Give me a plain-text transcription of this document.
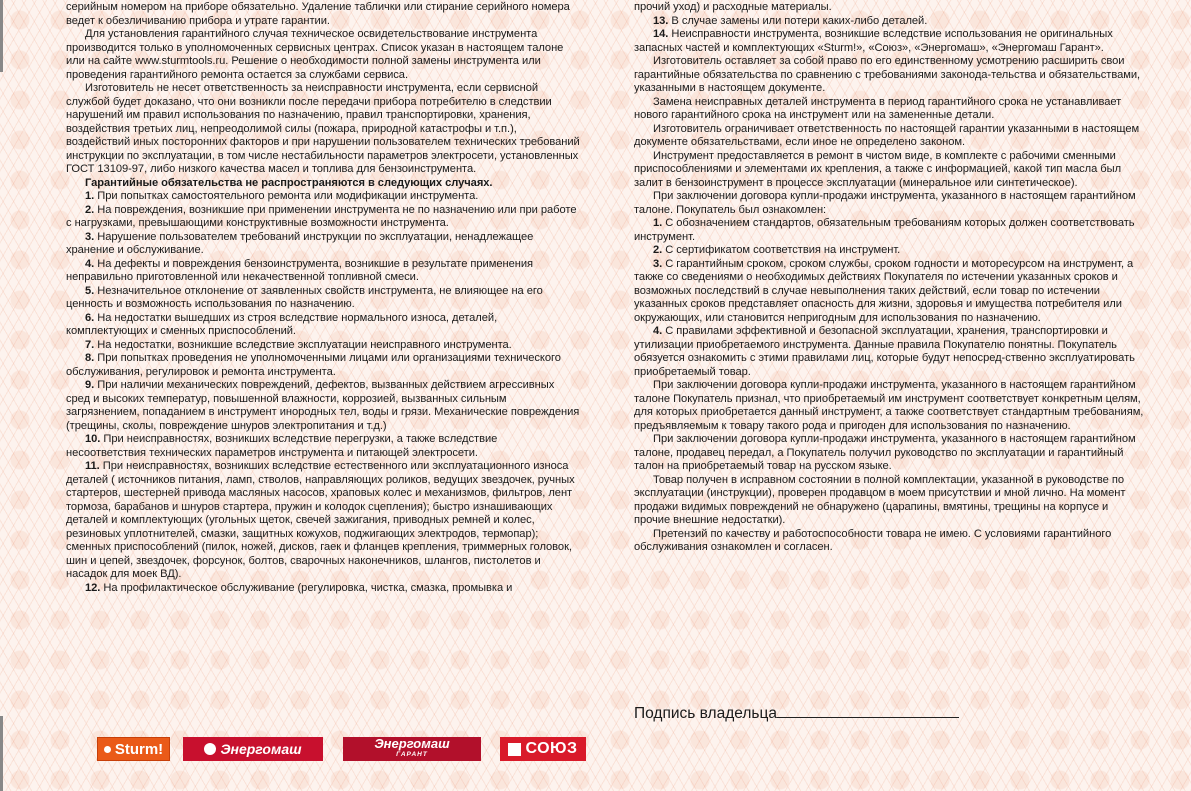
серийным номером на приборе обязательно. Удаление таблички или стирание серийного номера ведет к обезличиванию прибора и утрате гарантии.

Для установления гарантийного случая техническое освидетельствование инструмента производится только в уполномоченных сервисных центрах. Список указан в настоящем талоне или на сайте www.sturmtools.ru. Решение о необходимости полной замены инструмента или проведения гарантийного ремонта остается за службами сервиса.

Изготовитель не несет ответственность за неисправности инструмента, если сервисной службой будет доказано, что они возникли после передачи прибора потребителю в следствии нарушений им правил использования по назначению, правил транспортировки, хранения, воздействия третьих лиц, непреодолимой силы (пожара, природной катастрофы и т.п.), воздействий иных посторонних факторов и при нарушении пользователем технических требований инструкции по эксплуатации, в том числе нестабильности параметров электросети, установленных ГОСТ 13109-97, либо низкого качества масел и топлива для бензоинструмента.

Гарантийные обязательства не распространяются в следующих случаях.

1. При попытках самостоятельного ремонта или модификации инструмента.

2. На повреждения, возникшие при применении инструмента не по назначению или при работе с нагрузками, превышающими конструктивные возможности инструмента.

3. Нарушение пользователем требований инструкции по эксплуатации, ненадлежащее хранение и обслуживание.

4. На дефекты и повреждения бензоинструмента, возникшие в результате применения неправильно приготовленной или некачественной топливной смеси.

5. Незначительное отклонение от заявленных свойств инструмента, не влияющее на его ценность и возможность использования по назначению.

6. На недостатки вышедших из строя вследствие нормального износа, деталей, комплектующих и сменных приспособлений.

7. На недостатки, возникшие вследствие эксплуатации неисправного инструмента.

8. При попытках проведения не уполномоченными лицами или организациями технического обслуживания, регулировок и ремонта инструмента.

9. При наличии механических повреждений, дефектов, вызванных действием агрессивных сред и высоких температур, повышенной влажности, коррозией, вызванных сильным загрязнением, попаданием в инструмент инородных тел, воды и грязи. Механические повреждения (трещины, сколы, повреждение шнуров электропитания и т.д.)

10. При неисправностях, возникших вследствие перегрузки, а также вследствие несоответствия технических параметров инструмента и питающей электросети.

11. При неисправностях, возникших вследствие естественного или эксплуатационного износа деталей ( источников питания, ламп, стволов, направляющих роликов, ведущих звездочек, ручных стартеров, шестерней привода масляных насосов, храповых колес и механизмов, фильтров, лент тормоза, барабанов и шнуров стартера, пружин и колодок сцепления); быстро изнашивающих деталей и комплектующих (угольных щеток, свечей зажигания, приводных ремней и колес, резиновых уплотнителей, смазки, защитных кожухов, поджигающих электродов, термопар); сменных приспособлений (пилок, ножей, дисков, гаек и фланцев крепления, триммерных головок, шин и цепей, звездочек, форсунок, болтов, сварочных наконечников, шлангов, пистолетов и насадок для моек ВД).

12. На профилактическое обслуживание (регулировка, чистка, смазка, промывка и

прочий уход) и расходные материалы.

13. В случае замены или потери каких-либо деталей.

14. Неисправности инструмента, возникшие вследствие использования не оригинальных запасных частей и комплектующих «Sturm!», «Союз», «Энергомаш», «Энергомаш Гарант».

Изготовитель оставляет за собой право по его единственному усмотрению расширить свои гарантийные обязательства по сравнению с требованиями законода-тельства и обязательствами, указанными в настоящем документе.

Замена неисправных деталей инструмента в период гарантийного срока не устанавливает нового гарантийного срока на инструмент или на замененные детали.

Изготовитель ограничивает ответственность по настоящей гарантии указанными в настоящем документе обязательствами, если иное не определено законом.

Инструмент предоставляется в ремонт в чистом виде, в комплекте с рабочими сменными приспособлениями и элементами их крепления, а также с информацией, какой тип масла был залит в бензоинструмент в процессе эксплуатации (минеральное или синтетическое).

При заключении договора купли-продажи инструмента, указанного в настоящем гарантийном талоне. Покупатель был ознакомлен:

1. С обозначением стандартов, обязательным требованиям которых должен соответствовать инструмент.

2. С сертификатом соответствия на инструмент.

3. С гарантийным сроком, сроком службы, сроком годности и моторесурсом на инструмент, а также со сведениями о необходимых действиях Покупателя по истечении указанных сроков и возможных последствий в случае невыполнения таких действий, если товар по истечении указанных сроков представляет опасность для жизни, здоровья и имущества потребителя или окружающих, или становится непригодным для использования по назначению.

4. С правилами эффективной и безопасной эксплуатации, хранения, транспортировки и утилизации приобретаемого инструмента. Данные правила Покупателю понятны. Покупатель обязуется ознакомить с этими правилами лиц, которые будут непосред-ственно эксплуатировать приобретаемый товар.

При заключении договора купли-продажи инструмента, указанного в настоящем гарантийном талоне Покупатель признал, что приобретаемый им инструмент соответствует конкретным целям, для которых приобретается данный инструмент, а также соответствует стандартным требованиям, предъявляемым к товару такого рода и пригоден для использования по назначению.

При заключении договора купли-продажи инструмента, указанного в настоящем гарантийном талоне, продавец передал, а Покупатель получил руководство по эксплуатации и гарантийный талон на приобретаемый товар на русском языке.

Товар получен в исправном состоянии в полной комплектации, указанной в руководстве по эксплуатации (инструкции), проверен продавцом в моем присутствии и мной лично. На момент продажи видимых повреждений не обнаружено (царапины, вмятины, трещины на корпусе и прочие внешние недостатки).

Претензий по качеству и работоспособности товара не имею. С условиями гарантийного обслуживания ознакомлен и согласен.

Подпись владельца
Sturm!	Энергомаш	Энергомаш
ГАРАНТ	СОЮЗ
